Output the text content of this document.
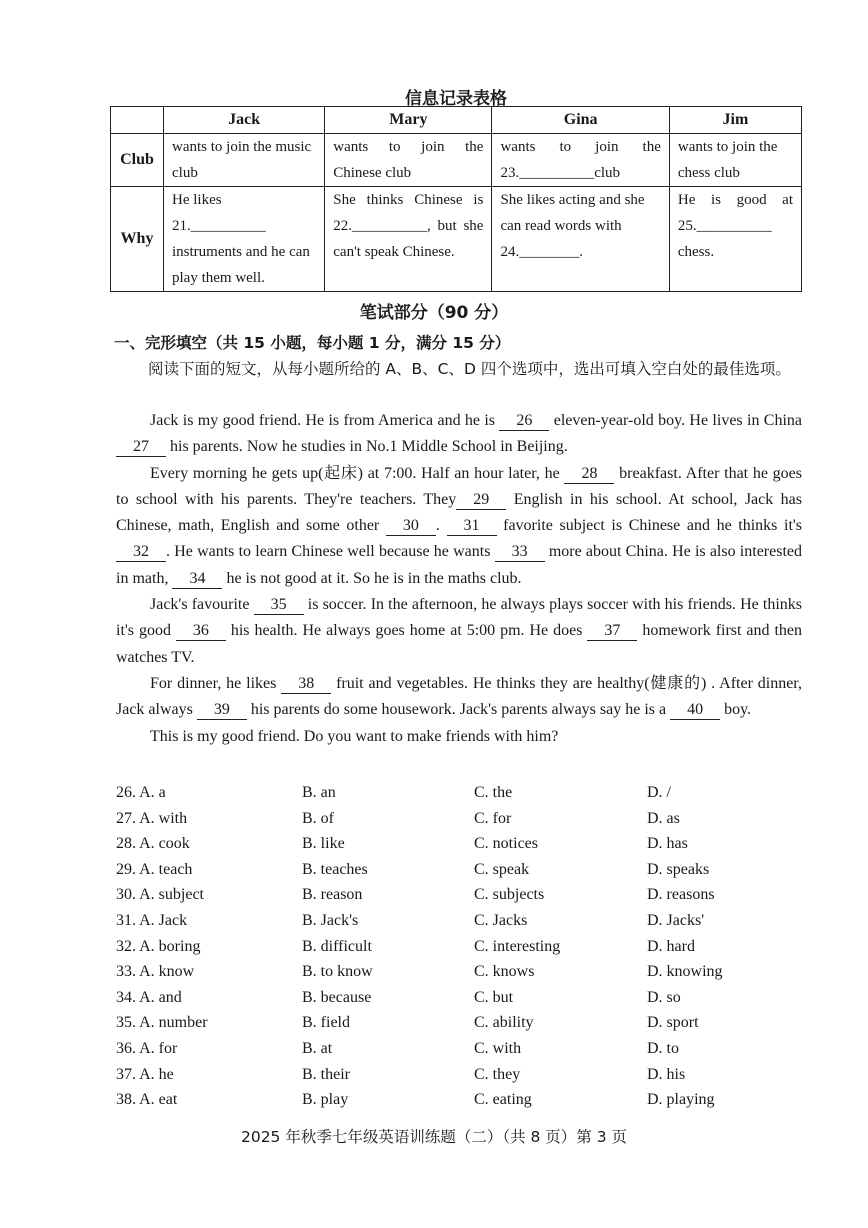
信息记录表格
	Jack	Mary	Gina	Jim
Club	wants to join the music club	wants to join the Chinese club	wants to join the 23.__________club	wants to join the chess club
Why	He likes 21.__________ instruments and he can play them well.	She thinks Chinese is 22.__________, but she can't speak Chinese.	She likes acting and she can read words with 24.________.	He is good at 25.__________ chess.
笔试部分（90 分）
一、完形填空（共 15 小题，每小题 1 分，满分 15 分）
阅读下面的短文，从每小题所给的 A、B、C、D 四个选项中，选出可填入空白处的最佳选项。

Jack is my good friend. He is from America and he is 26 eleven-year-old boy. He lives in China 27 his parents. Now he studies in No.1 Middle School in Beijing.

Every morning he gets up(起床) at 7:00. Half an hour later, he 28 breakfast. After that he goes to school with his parents. They're teachers. They 29 English in his school. At school, Jack has Chinese, math, English and some other 30 . 31 favorite subject is Chinese and he thinks it's 32 . He wants to learn Chinese well because he wants 33 more about China. He is also interested in math, 34 he is not good at it. So he is in the maths club.

Jack's favourite 35 is soccer. In the afternoon, he always plays soccer with his friends. He thinks it's good 36 his health. He always goes home at 5:00 pm. He does 37 homework first and then watches TV.

For dinner, he likes 38 fruit and vegetables. He thinks they are healthy(健康的) . After dinner, Jack always 39 his parents do some housework. Jack's parents always say he is a 40 boy.

This is my good friend. Do you want to make friends with him?

26. A. a	B. an	C. the	D. /
27. A. with	B. of	C. for	D. as
28. A. cook	B. like	C. notices	D. has
29. A. teach	B. teaches	C. speak	D. speaks
30. A. subject	B. reason	C. subjects	D. reasons
31. A. Jack	B. Jack's	C. Jacks	D. Jacks'
32. A. boring	B. difficult	C. interesting	D. hard
33. A. know	B. to know	C. knows	D. knowing
34. A. and	B. because	C. but	D. so
35. A. number	B. field	C. ability	D. sport
36. A. for	B. at	C. with	D. to
37. A. he	B. their	C. they	D. his
38. A. eat	B. play	C. eating	D. playing
2025 年秋季七年级英语训练题（二）（共 8 页）第 3 页
